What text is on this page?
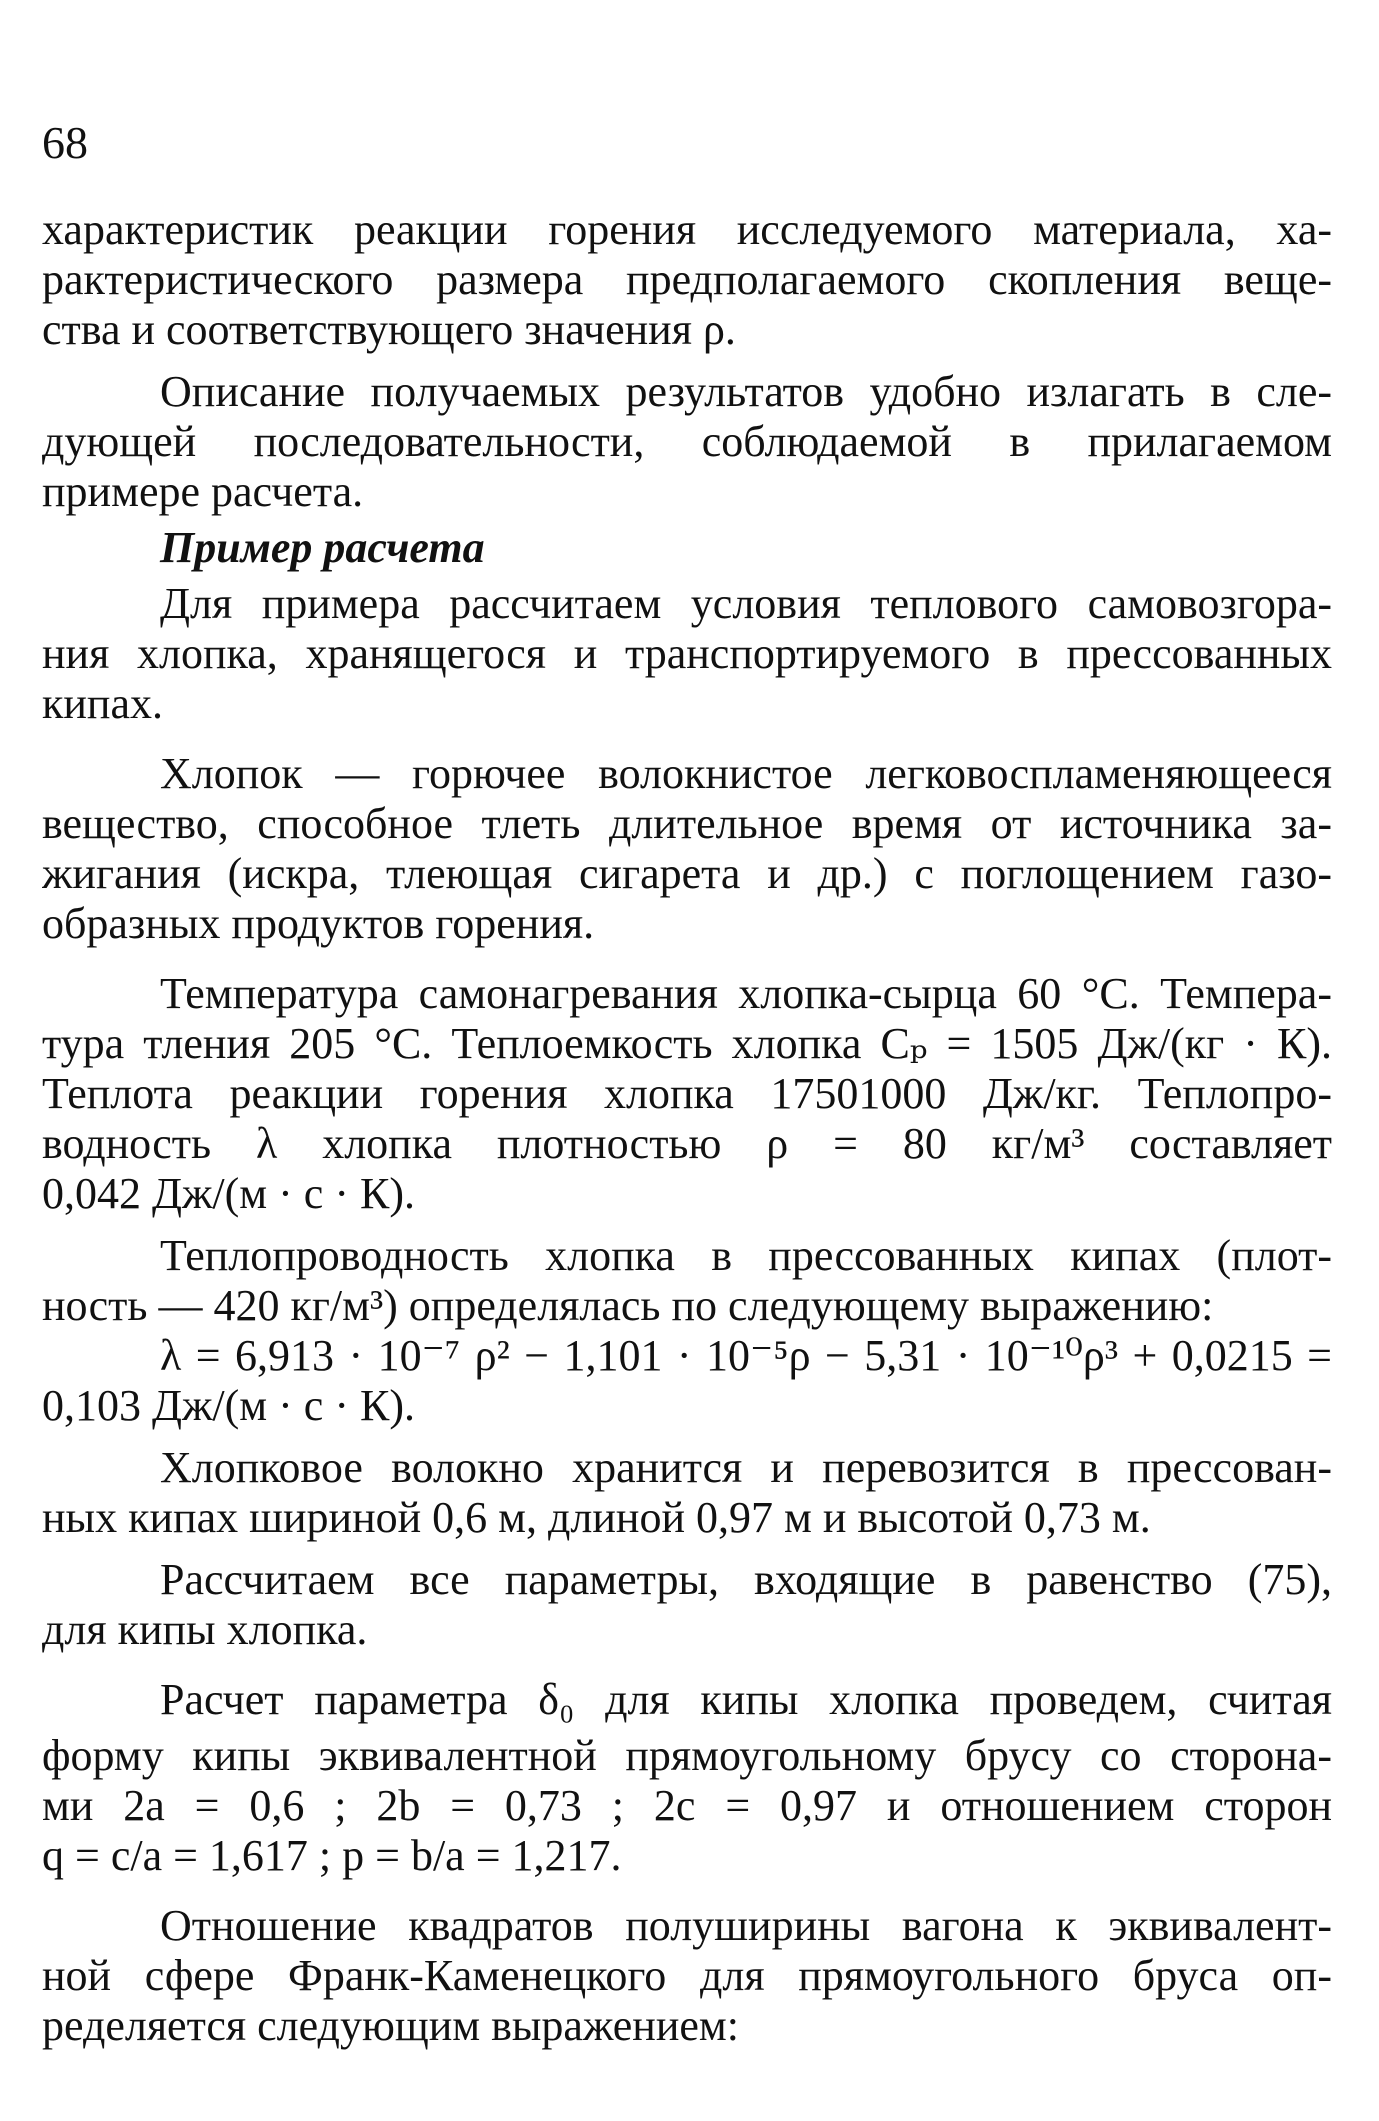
68
характеристик реакции горения исследуемого материала, ха-
рактеристического размера предполагаемого скопления веще-
ства и соответствующего значения ρ.
Описание получаемых результатов удобно излагать в сле-
дующей последовательности, соблюдаемой в прилагаемом
примере расчета.
Пример расчета
Для примера рассчитаем условия теплового самовозгора-
ния хлопка, хранящегося и транспортируемого в прессованных
кипах.
Хлопок — горючее волокнистое легковоспламеняющееся
вещество, способное тлеть длительное время от источника за-
жигания (искра, тлеющая сигарета и др.) с поглощением газо-
образных продуктов горения.
Температура самонагревания хлопка-сырца 60 °С. Темпера-
тура тления 205 °С. Теплоемкость хлопка Cₚ = 1505 Дж/(кг · К).
Теплота реакции горения хлопка 17501000 Дж/кг. Теплопро-
водность λ хлопка плотностью ρ = 80 кг/м³ составляет
0,042 Дж/(м · с · К).
Теплопроводность хлопка в прессованных кипах (плот-
ность — 420 кг/м³) определялась по следующему выражению:
λ = 6,913 · 10⁻⁷ ρ² − 1,101 · 10⁻⁵ρ − 5,31 · 10⁻¹⁰ρ³ + 0,0215 =
0,103 Дж/(м · с · К).
Хлопковое волокно хранится и перевозится в прессован-
ных кипах шириной 0,6 м, длиной 0,97 м и высотой 0,73 м.
Рассчитаем все параметры, входящие в равенство (75),
для кипы хлопка.
Расчет параметра δ₀ для кипы хлопка проведем, считая
форму кипы эквивалентной прямоугольному брусу со сторона-
ми 2a = 0,6 ; 2b = 0,73 ; 2c = 0,97 и отношением сторон
q = c/a = 1,617 ; p = b/a = 1,217.
Отношение квадратов полуширины вагона к эквивалент-
ной сфере Франк-Каменецкого для прямоугольного бруса оп-
ределяется следующим выражением:
